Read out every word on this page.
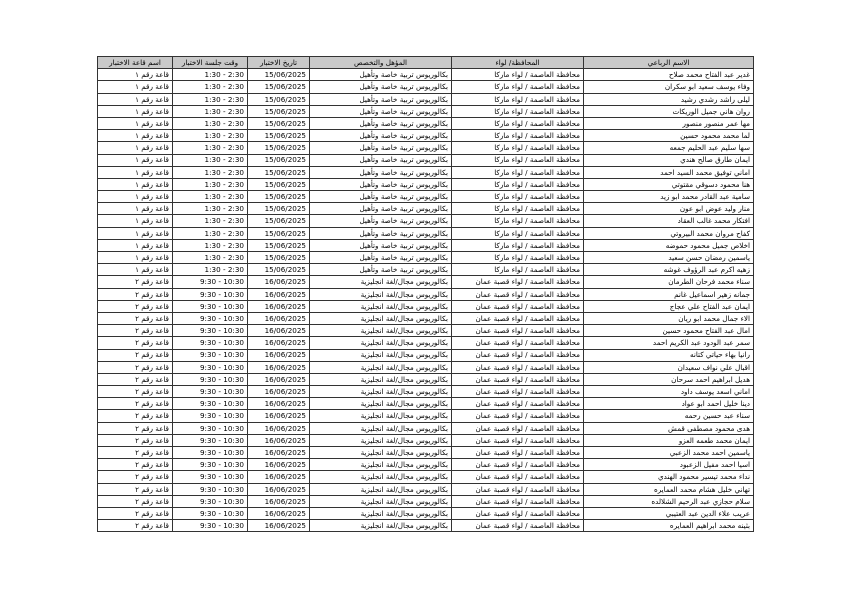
الاسم الرباعي	المحافظة/ لواء	المؤهل والتخصص	تاريخ الاختبار	وقت جلسة الاختبار	اسم قاعة الاختبار
غدير عبد الفتاح محمد صلاح	محافظة العاصمة / لواء ماركا	بكالوريوس تربية خاصة وتأهيل	15/06/2025	1:30 - 2:30	قاعة رقم ١
وفاء يوسف سعيد ابو سكران	محافظة العاصمة / لواء ماركا	بكالوريوس تربية خاصة وتأهيل	15/06/2025	1:30 - 2:30	قاعة رقم ١
ليلى راشد رشدي رشيد	محافظة العاصمة / لواء ماركا	بكالوريوس تربية خاصة وتأهيل	15/06/2025	1:30 - 2:30	قاعة رقم ١
روان هاني جميل الوريكات	محافظة العاصمة / لواء ماركا	بكالوريوس تربية خاصة وتأهيل	15/06/2025	1:30 - 2:30	قاعة رقم ١
مها عمر منصور منصور	محافظة العاصمة / لواء ماركا	بكالوريوس تربية خاصة وتأهيل	15/06/2025	1:30 - 2:30	قاعة رقم ١
لما محمد محمود حسين	محافظة العاصمة / لواء ماركا	بكالوريوس تربية خاصة وتأهيل	15/06/2025	1:30 - 2:30	قاعة رقم ١
سها سليم عبد الحليم جمعه	محافظة العاصمة / لواء ماركا	بكالوريوس تربية خاصة وتأهيل	15/06/2025	1:30 - 2:30	قاعة رقم ١
ايمان طارق صالح هندي	محافظة العاصمة / لواء ماركا	بكالوريوس تربية خاصة وتأهيل	15/06/2025	1:30 - 2:30	قاعة رقم ١
اماني توفيق محمد السيد احمد	محافظة العاصمة / لواء ماركا	بكالوريوس تربية خاصة وتأهيل	15/06/2025	1:30 - 2:30	قاعة رقم ١
هنا محمود دسوقي مقتوتي	محافظة العاصمة / لواء ماركا	بكالوريوس تربية خاصة وتأهيل	15/06/2025	1:30 - 2:30	قاعة رقم ١
سامية عبد القادر محمد ابو زيد	محافظة العاصمة / لواء ماركا	بكالوريوس تربية خاصة وتأهيل	15/06/2025	1:30 - 2:30	قاعة رقم ١
منار وليد عوض ابو عون	محافظة العاصمة / لواء ماركا	بكالوريوس تربية خاصة وتأهيل	15/06/2025	1:30 - 2:30	قاعة رقم ١
افتكار محمد غالب العقاد	محافظة العاصمة / لواء ماركا	بكالوريوس تربية خاصة وتأهيل	15/06/2025	1:30 - 2:30	قاعة رقم ١
كفاح مروان محمد البيروتي	محافظة العاصمة / لواء ماركا	بكالوريوس تربية خاصة وتأهيل	15/06/2025	1:30 - 2:30	قاعة رقم ١
اخلاص جميل محمود حموضه	محافظة العاصمة / لواء ماركا	بكالوريوس تربية خاصة وتأهيل	15/06/2025	1:30 - 2:30	قاعة رقم ١
ياسمين رمضان حسن سعيد	محافظة العاصمة / لواء ماركا	بكالوريوس تربية خاصة وتأهيل	15/06/2025	1:30 - 2:30	قاعة رقم ١
زهيه اكرم عبد الرؤوف غوشه	محافظة العاصمة / لواء ماركا	بكالوريوس تربية خاصة وتأهيل	15/06/2025	1:30 - 2:30	قاعة رقم ١
سناء محمد فرحان الطرمان	محافظة العاصمة / لواء قصبة عمان	بكالوريوس مجال/لغة انجليزية	16/06/2025	9:30 - 10:30	قاعة رقم ٢
جمانه زهير اسماعيل غانم	محافظة العاصمة / لواء قصبة عمان	بكالوريوس مجال/لغة انجليزية	16/06/2025	9:30 - 10:30	قاعة رقم ٢
ايمان عبد الفتاح علي عجاج	محافظة العاصمة / لواء قصبة عمان	بكالوريوس مجال/لغة انجليزية	16/06/2025	9:30 - 10:30	قاعة رقم ٢
الاء جمال محمد ابو ريان	محافظة العاصمة / لواء قصبة عمان	بكالوريوس مجال/لغة انجليزية	16/06/2025	9:30 - 10:30	قاعة رقم ٢
امال عبد الفتاح محمود حسين	محافظة العاصمة / لواء قصبة عمان	بكالوريوس مجال/لغة انجليزية	16/06/2025	9:30 - 10:30	قاعة رقم ٢
سمر عبد الودود عبد الكريم احمد	محافظة العاصمة / لواء قصبة عمان	بكالوريوس مجال/لغة انجليزية	16/06/2025	9:30 - 10:30	قاعة رقم ٢
رانيا بهاء حياتي كتانه	محافظة العاصمة / لواء قصبة عمان	بكالوريوس مجال/لغة انجليزية	16/06/2025	9:30 - 10:30	قاعة رقم ٢
اقبال علي نواف سعيدان	محافظة العاصمة / لواء قصبة عمان	بكالوريوس مجال/لغة انجليزية	16/06/2025	9:30 - 10:30	قاعة رقم ٢
هديل ابراهيم احمد سرحان	محافظة العاصمة / لواء قصبة عمان	بكالوريوس مجال/لغة انجليزية	16/06/2025	9:30 - 10:30	قاعة رقم ٢
اماني اسعد يوسف داود	محافظة العاصمة / لواء قصبة عمان	بكالوريوس مجال/لغة انجليزية	16/06/2025	9:30 - 10:30	قاعة رقم ٢
دينا خليل احمد ابو عواد	محافظة العاصمة / لواء قصبة عمان	بكالوريوس مجال/لغة انجليزية	16/06/2025	9:30 - 10:30	قاعة رقم ٢
سناء عبد حسين رحمه	محافظة العاصمة / لواء قصبة عمان	بكالوريوس مجال/لغة انجليزية	16/06/2025	9:30 - 10:30	قاعة رقم ٢
هدى محمود مصطفى قمش	محافظة العاصمة / لواء قصبة عمان	بكالوريوس مجال/لغة انجليزية	16/06/2025	9:30 - 10:30	قاعة رقم ٢
ايمان محمد طعمه العزو	محافظة العاصمة / لواء قصبة عمان	بكالوريوس مجال/لغة انجليزية	16/06/2025	9:30 - 10:30	قاعة رقم ٢
ياسمين احمد محمد الزعبي	محافظة العاصمة / لواء قصبة عمان	بكالوريوس مجال/لغة انجليزية	16/06/2025	9:30 - 10:30	قاعة رقم ٢
اسيا احمد مفيل الزعبود	محافظة العاصمة / لواء قصبة عمان	بكالوريوس مجال/لغة انجليزية	16/06/2025	9:30 - 10:30	قاعة رقم ٢
نداء محمد تيسير محمود الهندي	محافظة العاصمة / لواء قصبة عمان	بكالوريوس مجال/لغة انجليزية	16/06/2025	9:30 - 10:30	قاعة رقم ٢
تهاني خليل هشام محمد العمايره	محافظة العاصمة / لواء قصبة عمان	بكالوريوس مجال/لغة انجليزية	16/06/2025	9:30 - 10:30	قاعة رقم ٢
سلام حجازي عبد الرحيم الشلالده	محافظة العاصمة / لواء قصبة عمان	بكالوريوس مجال/لغة انجليزية	16/06/2025	9:30 - 10:30	قاعة رقم ٢
عريب علاء الدين عبد العتيبي	محافظة العاصمة / لواء قصبة عمان	بكالوريوس مجال/لغة انجليزية	16/06/2025	9:30 - 10:30	قاعة رقم ٢
بثينه محمد ابراهيم العمايره	محافظة العاصمة / لواء قصبة عمان	بكالوريوس مجال/لغة انجليزية	16/06/2025	9:30 - 10:30	قاعة رقم ٢
